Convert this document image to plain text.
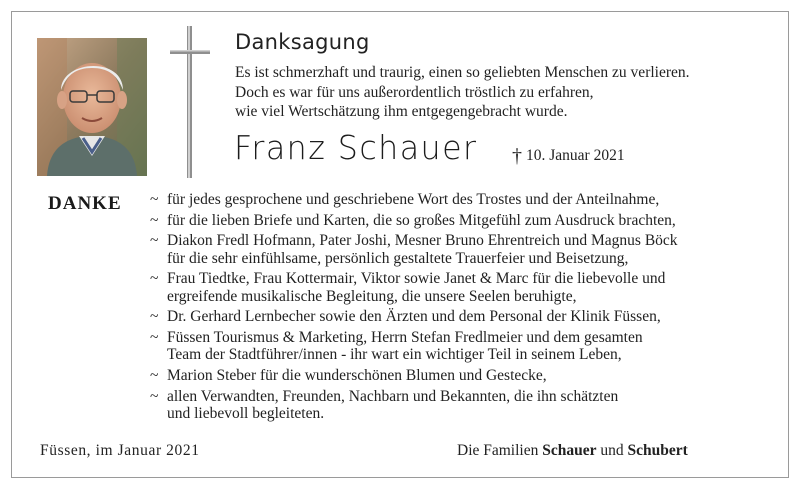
Danksagung
Es ist schmerzhaft und traurig, einen so geliebten Menschen zu verlieren.
Doch es war für uns außerordentlich tröstlich zu erfahren,
wie viel Wertschätzung ihm entgegengebracht wurde.
Franz Schauer † 10. Januar 2021
DANKE ~ für jedes gesprochene und geschriebene Wort des Trostes und der Anteilnahme,
~ für die lieben Briefe und Karten, die so großes Mitgefühl zum Ausdruck brachten,
~ Diakon Fredl Hofmann, Pater Joshi, Mesner Bruno Ehrentreich und Magnus Böck
für die sehr einfühlsame, persönlich gestaltete Trauerfeier und Beisetzung,
~ Frau Tiedtke, Frau Kottermair, Viktor sowie Janet & Marc für die liebevolle und
ergreifende musikalische Begleitung, die unsere Seelen beruhigte,
~ Dr. Gerhard Lernbecher sowie den Ärzten und dem Personal der Klinik Füssen,
~ Füssen Tourismus & Marketing, Herrn Stefan Fredlmeier und dem gesamten
Team der Stadtführer/innen - ihr wart ein wichtiger Teil in seinem Leben,
~ Marion Steber für die wunderschönen Blumen und Gestecke,
~ allen Verwandten, Freunden, Nachbarn und Bekannten, die ihn schätzten
und liebevoll begleiteten.
Füssen, im Januar 2021	Die Familien Schauer und Schubert
